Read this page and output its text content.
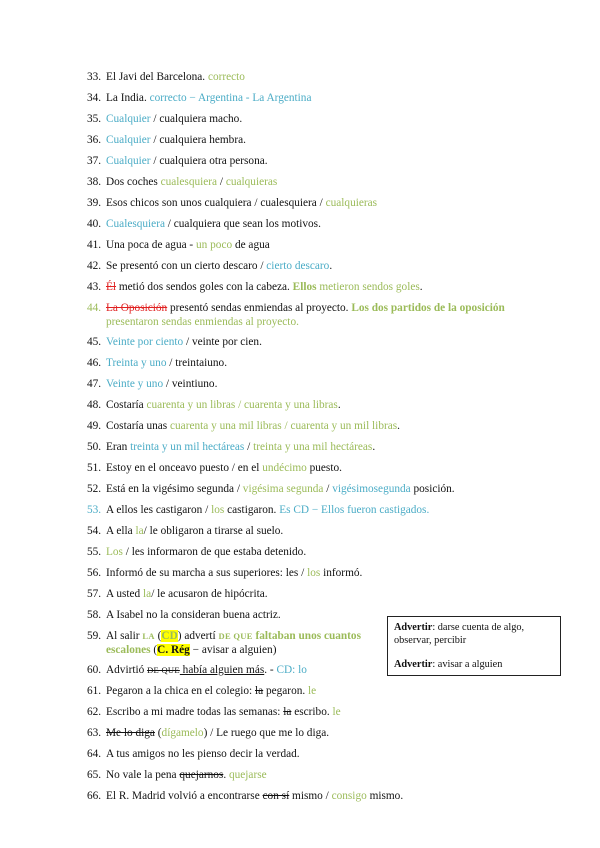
33. El Javi del Barcelona. correcto
34. La India. correcto − Argentina - La Argentina
35. Cualquier / cualquiera macho.
36. Cualquier / cualquiera hembra.
37. Cualquier / cualquiera otra persona.
38. Dos coches cualesquiera / cualquieras
39. Esos chicos son unos cualquiera / cualesquiera / cualquieras
40. Cualesquiera / cualquiera que sean los motivos.
41. Una poca de agua - un poco de agua
42. Se presentó con un cierto descaro / cierto descaro.
43. Él metió dos sendos goles con la cabeza. Ellos metieron sendos goles.
44. La Oposición presentó sendas enmiendas al proyecto. Los dos partidos de la oposición
presentaron sendas enmiendas al proyecto.
45. Veinte por ciento / veinte por cien.
46. Treinta y uno / treintaiuno.
47. Veinte y uno / veintiuno.
48. Costaría cuarenta y un libras / cuarenta y una libras.
49. Costaría unas cuarenta y una mil libras / cuarenta y un mil libras.
50. Eran treinta y un mil hectáreas / treinta y una mil hectáreas.
51. Estoy en el onceavo puesto / en el undécimo puesto.
52. Está en la vigésimo segunda / vigésima segunda / vigésimosegunda posición.
53. A ellos les castigaron / los castigaron. Es CD − Ellos fueron castigados.
54. A ella la/ le obligaron a tirarse al suelo.
55. Los / les informaron de que estaba detenido.
56. Informó de su marcha a sus superiores: les / los informó.
57. A usted la/ le acusaron de hipócrita.
58. A Isabel no la consideran buena actriz.
59. Al salir LA (CD) advertí DE QUE faltaban unos cuantos
escalones (C. Rég − avisar a alguien)
60. Advirtió DE QUE había alguien más. - CD: lo
61. Pegaron a la chica en el colegio: la pegaron. le
62. Escribo a mi madre todas las semanas: la escribo. le
63. Me lo diga (dígamelo) / Le ruego que me lo diga.
64. A tus amigos no les pienso decir la verdad.
65. No vale la pena quejarnos. quejarse
66. El R. Madrid volvió a encontrarse con sí mismo / consigo mismo.

Advertir: darse cuenta de algo, observar, percibir

Advertir: avisar a alguien
